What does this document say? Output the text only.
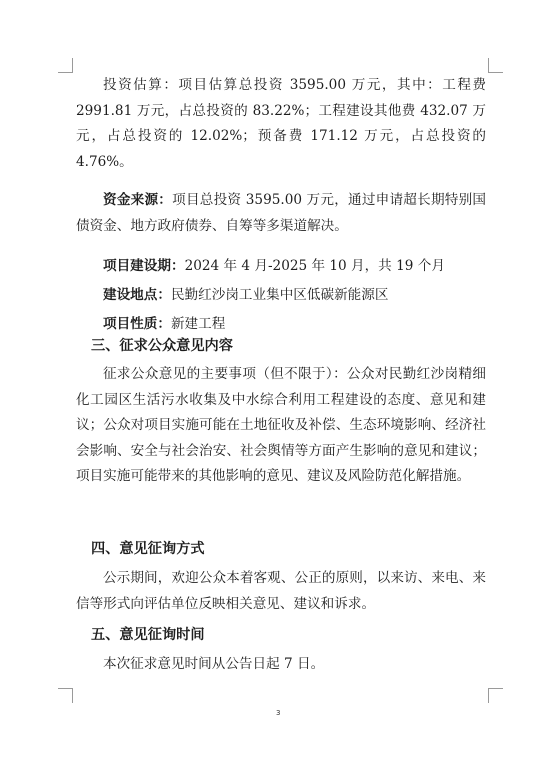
投资估算：项目估算总投资 3595.00 万元，其中：工程费 2991.81 万元，占总投资的 83.22%；工程建设其他费 432.07 万元，占总投资的 12.02%；预备费 171.12 万元，占总投资的 4.76%。

资金来源：项目总投资 3595.00 万元，通过申请超长期特别国债资金、地方政府债券、自筹等多渠道解决。

项目建设期：2024 年 4 月-2025 年 10 月，共 19 个月

建设地点：民勤红沙岗工业集中区低碳新能源区

项目性质：新建工程

三、征求公众意见内容

征求公众意见的主要事项（但不限于）：公众对民勤红沙岗精细化工园区生活污水收集及中水综合利用工程建设的态度、意见和建议；公众对项目实施可能在土地征收及补偿、生态环境影响、经济社会影响、安全与社会治安、社会舆情等方面产生影响的意见和建议；项目实施可能带来的其他影响的意见、建议及风险防范化解措施。

四、意见征询方式

公示期间，欢迎公众本着客观、公正的原则，以来访、来电、来信等形式向评估单位反映相关意见、建议和诉求。

五、意见征询时间

本次征求意见时间从公告日起 7 日。

3
